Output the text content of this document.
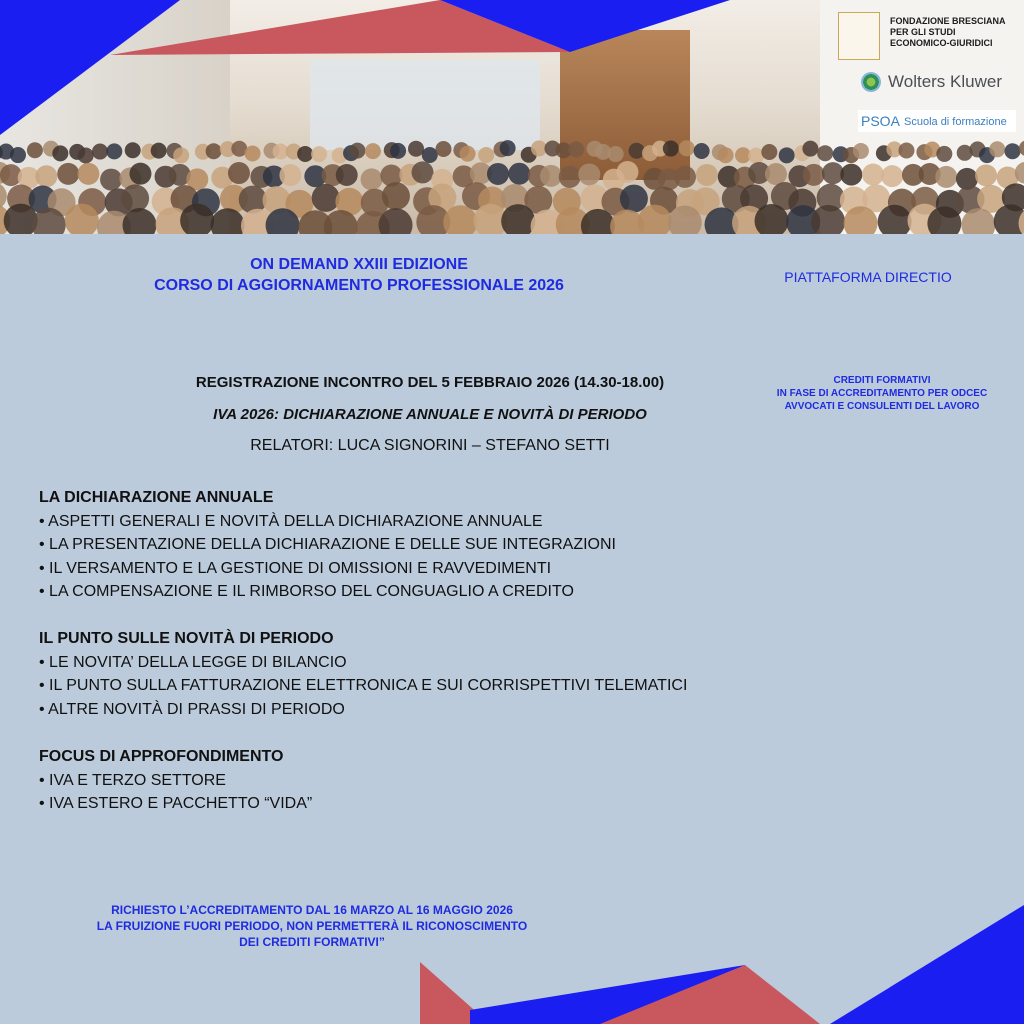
FONDAZIONE BRESCIANA
PER GLI STUDI
ECONOMICO-GIURIDICI
Wolters Kluwer
PSOA Scuola di formazione
ON DEMAND XXIII EDIZIONE
CORSO DI AGGIORNAMENTO PROFESSIONALE 2026	PIATTAFORMA DIRECTIO
REGISTRAZIONE INCONTRO DEL 5 FEBBRAIO 2026 (14.30-18.00)
IVA 2026: DICHIARAZIONE ANNUALE E NOVITÀ DI PERIODO
RELATORI: LUCA SIGNORINI – STEFANO SETTI
CREDITI FORMATIVI
IN FASE DI ACCREDITAMENTO PER ODCEC
AVVOCATI E CONSULENTI DEL LAVORO
LA DICHIARAZIONE ANNUALE
• ASPETTI GENERALI E NOVITÀ DELLA DICHIARAZIONE ANNUALE
• LA PRESENTAZIONE DELLA DICHIARAZIONE E DELLE SUE INTEGRAZIONI
• IL VERSAMENTO E LA GESTIONE DI OMISSIONI E RAVVEDIMENTI
• LA COMPENSAZIONE E IL RIMBORSO DEL CONGUAGLIO A CREDITO
IL PUNTO SULLE NOVITÀ DI PERIODO
• LE NOVITA’ DELLA LEGGE DI BILANCIO
• IL PUNTO SULLA FATTURAZIONE ELETTRONICA E SUI CORRISPETTIVI TELEMATICI
• ALTRE NOVITÀ DI PRASSI DI PERIODO
FOCUS DI APPROFONDIMENTO
• IVA E TERZO SETTORE
• IVA ESTERO E PACCHETTO “VIDA”
RICHIESTO L’ACCREDITAMENTO DAL 16 MARZO AL 16 MAGGIO 2026
LA FRUIZIONE FUORI PERIODO, NON PERMETTERÀ IL RICONOSCIMENTO
DEI CREDITI FORMATIVI”
